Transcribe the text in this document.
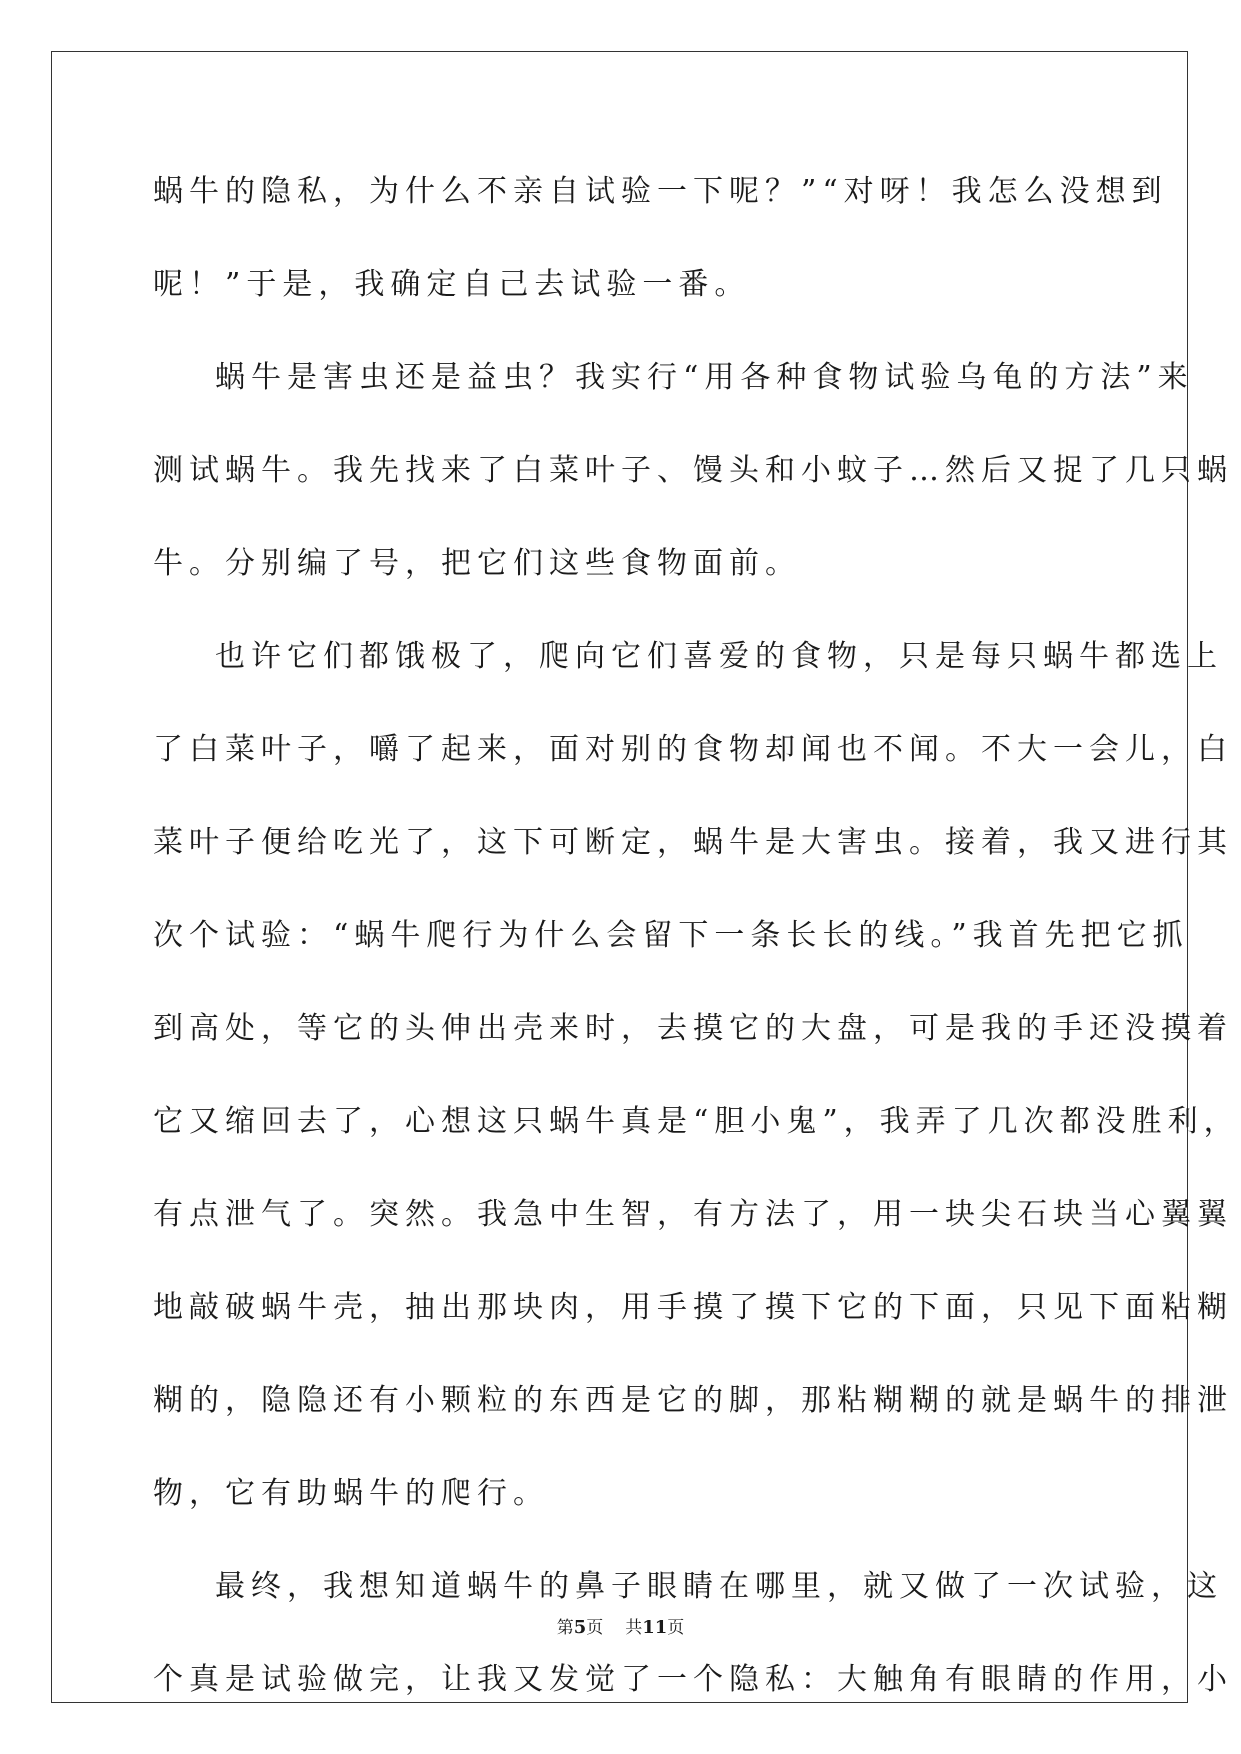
蜗牛的隐私，为什么不亲自试验一下呢？”“对呀！我怎么没想到
呢！”于是，我确定自己去试验一番。
蜗牛是害虫还是益虫？我实行“用各种食物试验乌龟的方法”来
测试蜗牛。我先找来了白菜叶子、馒头和小蚊子…然后又捉了几只蜗
牛。分别编了号，把它们这些食物面前。
也许它们都饿极了，爬向它们喜爱的食物，只是每只蜗牛都选上
了白菜叶子，嚼了起来，面对别的食物却闻也不闻。不大一会儿，白
菜叶子便给吃光了，这下可断定，蜗牛是大害虫。接着，我又进行其
次个试验：“蜗牛爬行为什么会留下一条长长的线。”我首先把它抓
到高处，等它的头伸出壳来时，去摸它的大盘，可是我的手还没摸着
它又缩回去了，心想这只蜗牛真是“胆小鬼”，我弄了几次都没胜利，
有点泄气了。突然。我急中生智，有方法了，用一块尖石块当心翼翼
地敲破蜗牛壳，抽出那块肉，用手摸了摸下它的下面，只见下面粘糊
糊的，隐隐还有小颗粒的东西是它的脚，那粘糊糊的就是蜗牛的排泄
物，它有助蜗牛的爬行。
最终，我想知道蜗牛的鼻子眼睛在哪里，就又做了一次试验，这
个真是试验做完，让我又发觉了一个隐私：大触角有眼睛的作用，小
第5页 共11页
